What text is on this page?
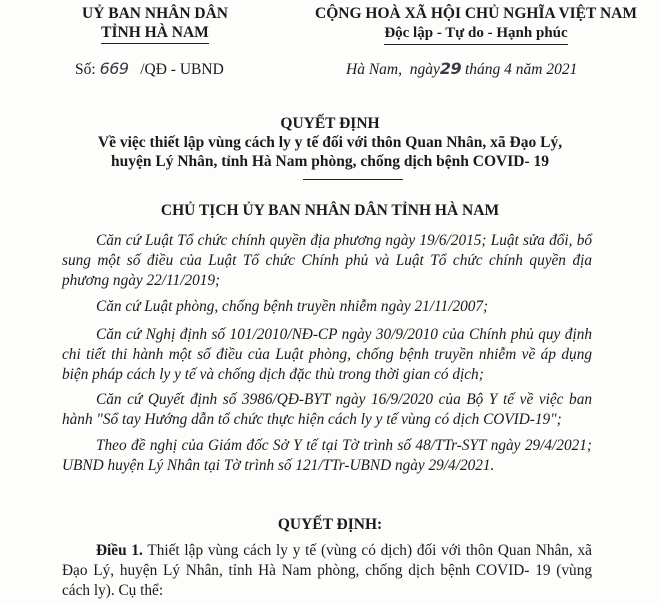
UỶ BAN NHÂN DÂN
TỈNH HÀ NAM
CỘNG HOÀ XÃ HỘI CHỦ NGHĨA VIỆT NAM
Độc lập - Tự do - Hạnh phúc
Số: 669 /QĐ - UBND	Hà Nam,  ngày29 tháng 4 năm 2021
QUYẾT ĐỊNH
Về việc thiết lập vùng cách ly y tế đối với thôn Quan Nhân, xã Đạo Lý,
huyện Lý Nhân, tỉnh Hà Nam phòng, chống dịch bệnh COVID- 19
CHỦ TỊCH ỦY BAN NHÂN DÂN TỈNH HÀ NAM
Căn cứ Luật Tổ chức chính quyền địa phương ngày 19/6/2015; Luật sửa đổi, bổ sung một số điều của Luật Tổ chức Chính phủ và Luật Tổ chức chính quyền địa phương ngày 22/11/2019;
Căn cứ Luật phòng, chống bệnh truyền nhiễm ngày 21/11/2007;
Căn cứ Nghị định số 101/2010/NĐ-CP ngày 30/9/2010 của Chính phủ quy định chi tiết thi hành một số điều của Luật phòng, chống bệnh truyền nhiễm về áp dụng biện pháp cách ly y tế và chống dịch đặc thù trong thời gian có dịch;
Căn cứ Quyết định số 3986/QĐ-BYT ngày 16/9/2020 của Bộ Y tế về việc ban hành "Sổ tay Hướng dẫn tổ chức thực hiện cách ly y tế vùng có dịch COVID-19";
Theo đề nghị của Giám đốc Sở Y tế tại Tờ trình số 48/TTr-SYT ngày 29/4/2021; UBND huyện Lý Nhân tại Tờ trình số 121/TTr-UBND ngày 29/4/2021.
QUYẾT ĐỊNH:
Điều 1. Thiết lập vùng cách ly y tế (vùng có dịch) đối với thôn Quan Nhân, xã Đạo Lý, huyện Lý Nhân, tỉnh Hà Nam phòng, chống dịch bệnh COVID- 19 (vùng cách ly). Cụ thể:
